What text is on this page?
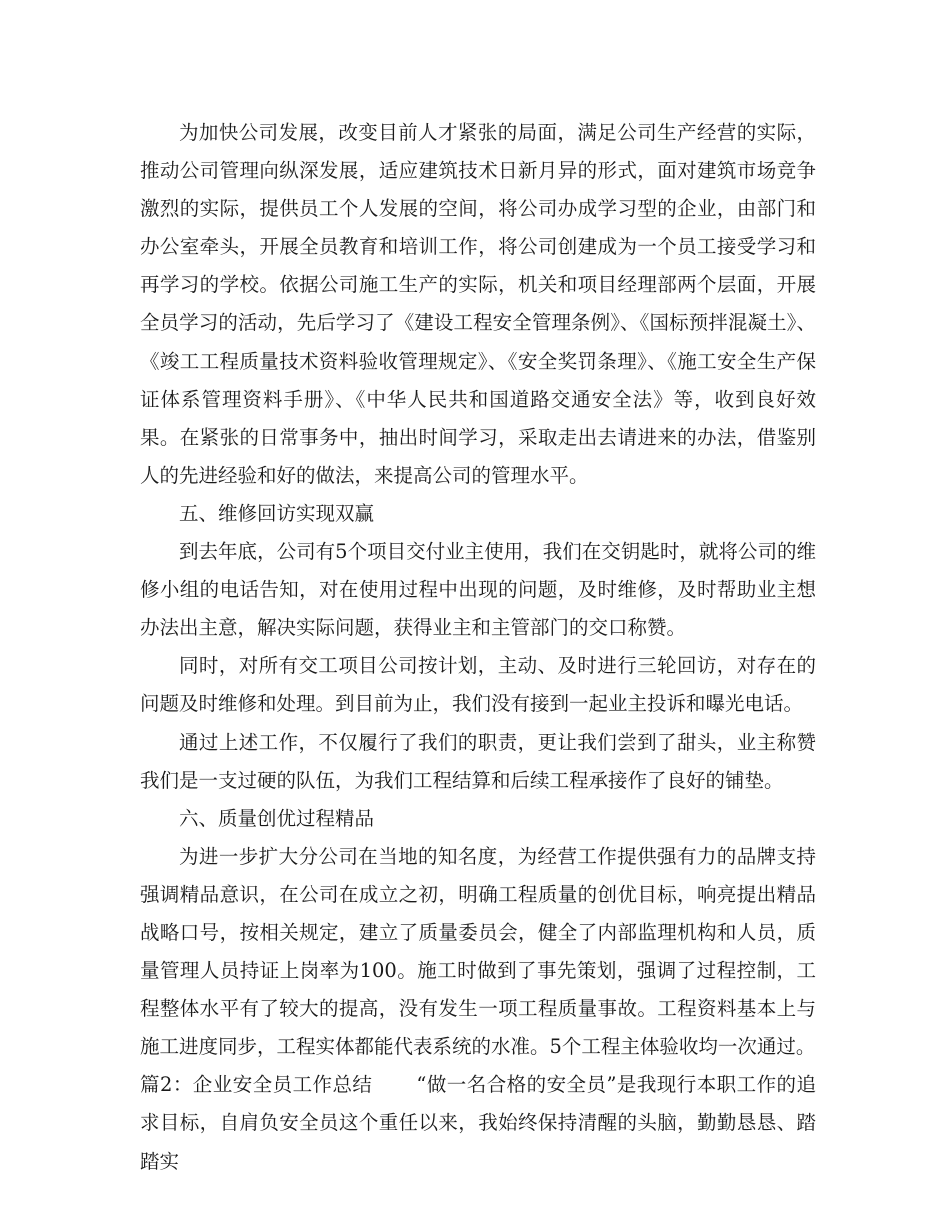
为加快公司发展，改变目前人才紧张的局面，满足公司生产经营的实际，推动公司管理向纵深发展，适应建筑技术日新月异的形式，面对建筑市场竞争激烈的实际，提供员工个人发展的空间，将公司办成学习型的企业，由部门和办公室牵头，开展全员教育和培训工作，将公司创建成为一个员工接受学习和再学习的学校。依据公司施工生产的实际，机关和项目经理部两个层面，开展全员学习的活动，先后学习了《建设工程安全管理条例》、《国标预拌混凝土》、《竣工工程质量技术资料验收管理规定》、《安全奖罚条理》、《施工安全生产保证体系管理资料手册》、《中华人民共和国道路交通安全法》等，收到良好效果。在紧张的日常事务中，抽出时间学习，采取走出去请进来的办法，借鉴别人的先进经验和好的做法，来提高公司的管理水平。

五、维修回访实现双赢

到去年底，公司有5个项目交付业主使用，我们在交钥匙时，就将公司的维修小组的电话告知，对在使用过程中出现的问题，及时维修，及时帮助业主想办法出主意，解决实际问题，获得业主和主管部门的交口称赞。

同时，对所有交工项目公司按计划，主动、及时进行三轮回访，对存在的问题及时维修和处理。到目前为止，我们没有接到一起业主投诉和曝光电话。

通过上述工作，不仅履行了我们的职责，更让我们尝到了甜头，业主称赞我们是一支过硬的队伍，为我们工程结算和后续工程承接作了良好的铺垫。

六、质量创优过程精品

为进一步扩大分公司在当地的知名度，为经营工作提供强有力的品牌支持强调精品意识，在公司在成立之初，明确工程质量的创优目标，响亮提出精品战略口号，按相关规定，建立了质量委员会，健全了内部监理机构和人员，质量管理人员持证上岗率为100。施工时做到了事先策划，强调了过程控制，工程整体水平有了较大的提高，没有发生一项工程质量事故。工程资料基本上与施工进度同步，工程实体都能代表系统的水准。5个工程主体验收均一次通过。

篇2：企业安全员工作总结 “做一名合格的安全员”是我现行本职工作的追求目标，自肩负安全员这个重任以来，我始终保持清醒的头脑，勤勤恳恳、踏踏实
